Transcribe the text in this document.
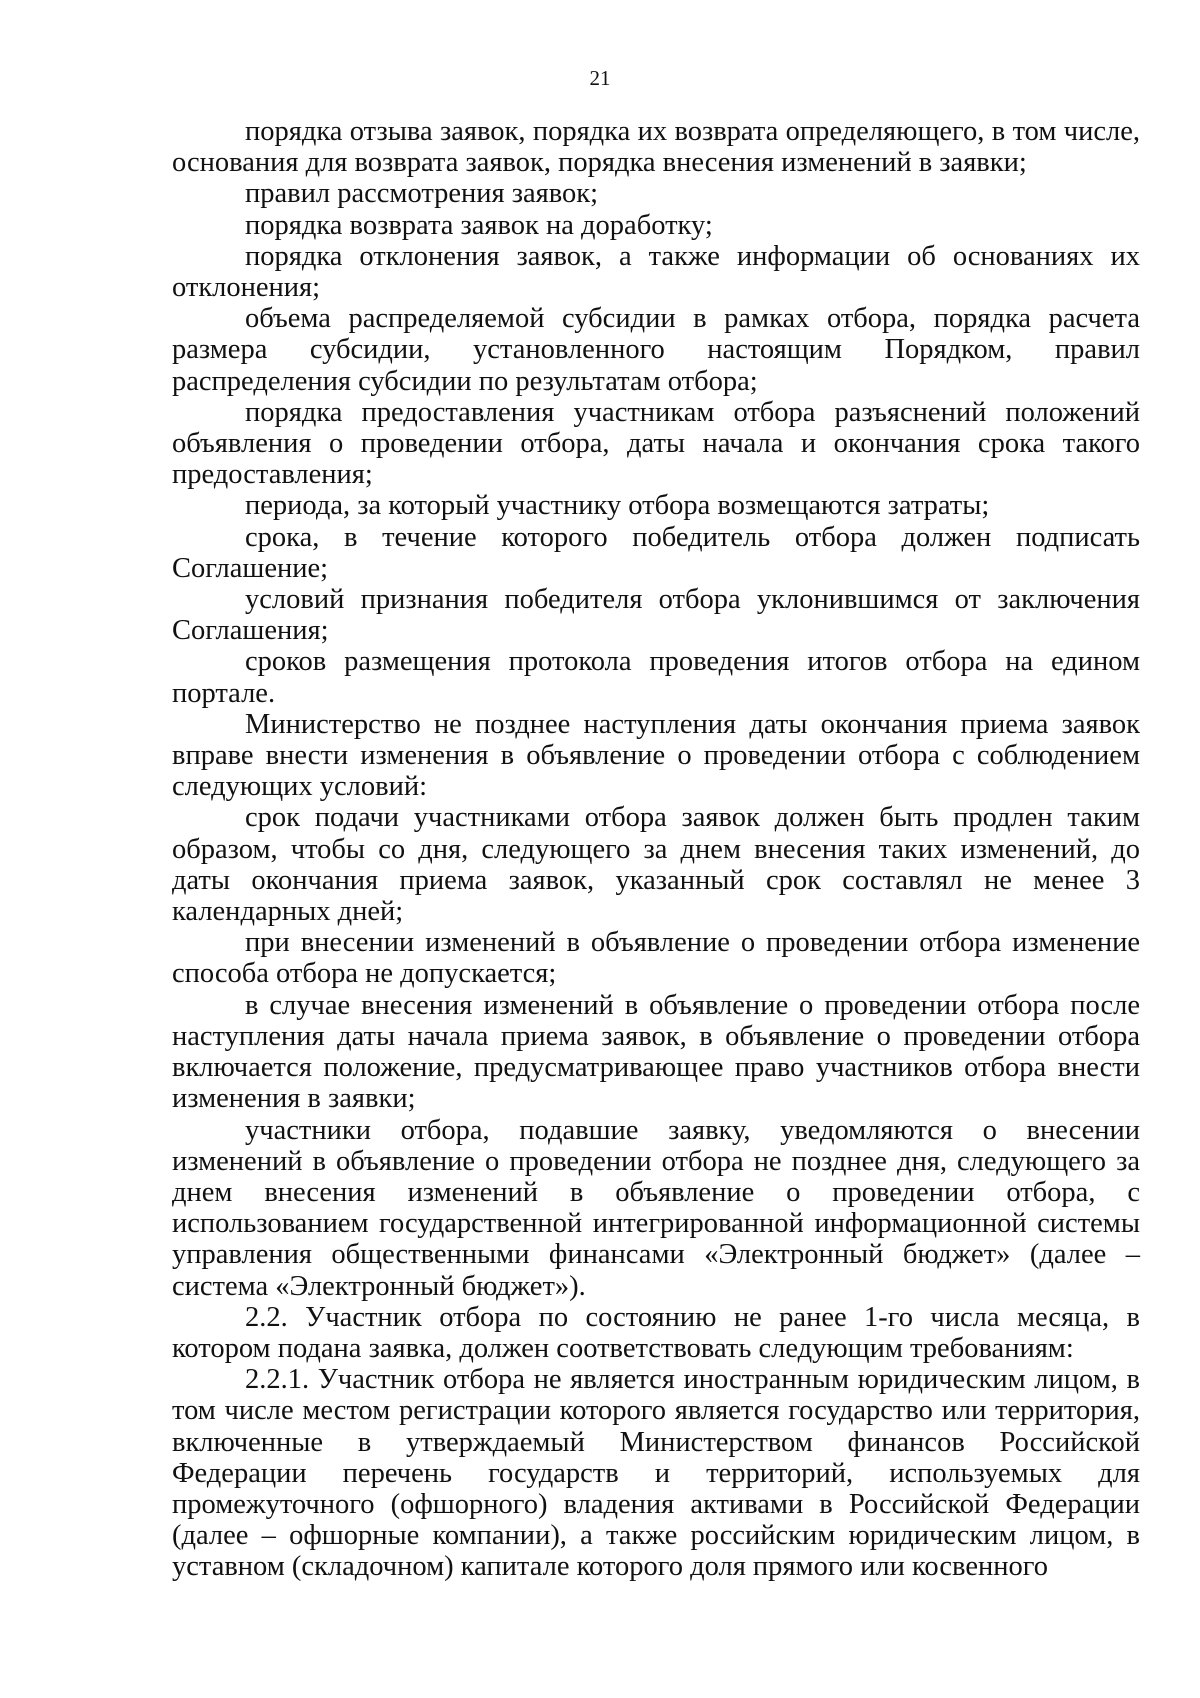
21

порядка отзыва заявок, порядка их возврата определяющего, в том числе, основания для возврата заявок, порядка внесения изменений в заявки;

правил рассмотрения заявок;

порядка возврата заявок на доработку;

порядка отклонения заявок, а также информации об основаниях их отклонения;

объема распределяемой субсидии в рамках отбора, порядка расчета размера субсидии, установленного настоящим Порядком, правил распределения субсидии по результатам отбора;

порядка предоставления участникам отбора разъяснений положений объявления о проведении отбора, даты начала и окончания срока такого предоставления;

периода, за который участнику отбора возмещаются затраты;

срока, в течение которого победитель отбора должен подписать Соглашение;

условий признания победителя отбора уклонившимся от заключения Соглашения;

сроков размещения протокола проведения итогов отбора на едином портале.

Министерство не позднее наступления даты окончания приема заявок вправе внести изменения в объявление о проведении отбора с соблюдением следующих условий:

срок подачи участниками отбора заявок должен быть продлен таким образом, чтобы со дня, следующего за днем внесения таких изменений, до даты окончания приема заявок, указанный срок составлял не менее 3 календарных дней;

при внесении изменений в объявление о проведении отбора изменение способа отбора не допускается;

в случае внесения изменений в объявление о проведении отбора после наступления даты начала приема заявок, в объявление о проведении отбора включается положение, предусматривающее право участников отбора внести изменения в заявки;

участники отбора, подавшие заявку, уведомляются о внесении изменений в объявление о проведении отбора не позднее дня, следующего за днем внесения изменений в объявление о проведении отбора, с использованием государственной интегрированной информационной системы управления общественными финансами «Электронный бюджет» (далее – система «Электронный бюджет»).

2.2. Участник отбора по состоянию не ранее 1-го числа месяца, в котором подана заявка, должен соответствовать следующим требованиям:

2.2.1. Участник отбора не является иностранным юридическим лицом, в том числе местом регистрации которого является государство или территория, включенные в утверждаемый Министерством финансов Российской Федерации перечень государств и территорий, используемых для промежуточного (офшорного) владения активами в Российской Федерации (далее – офшорные компании), а также российским юридическим лицом, в уставном (складочном) капитале которого доля прямого или косвенного
